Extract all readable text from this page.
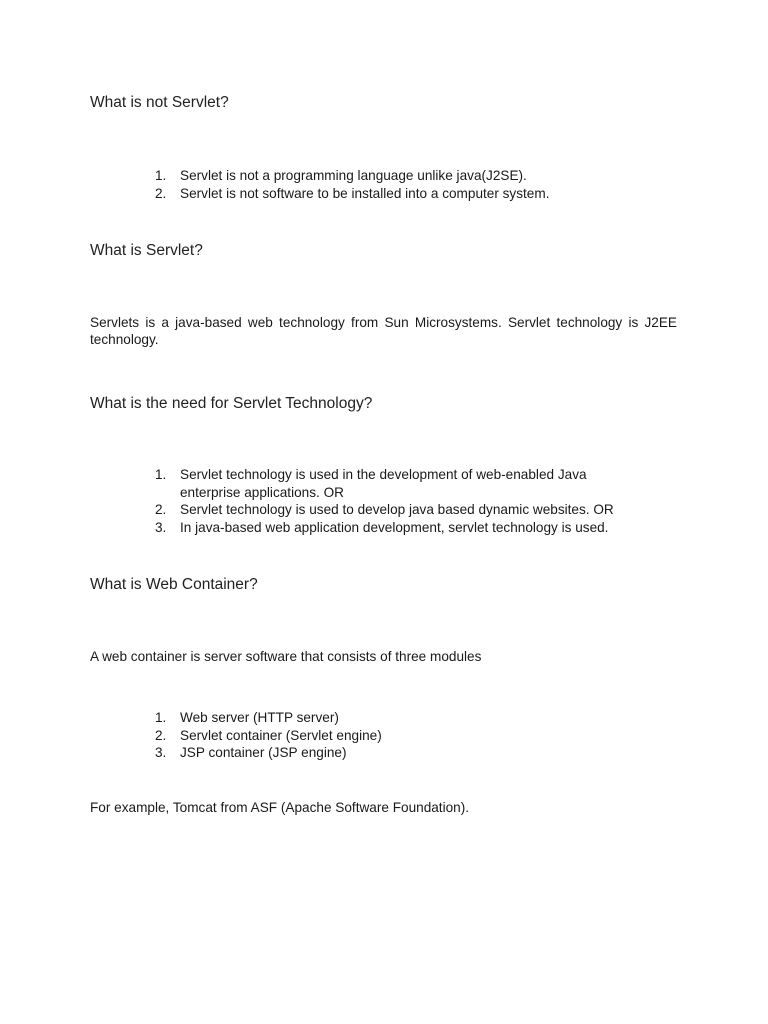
What is not Servlet?
1. Servlet is not a programming language unlike java(J2SE).
2. Servlet is not software to be installed into a computer system.
What is Servlet?

Servlets is a java-based web technology from Sun Microsystems. Servlet technology is J2EE technology.

What is the need for Servlet Technology?
1. Servlet technology is used in the development of web-enabled Java enterprise applications. OR
2. Servlet technology is used to develop java based dynamic websites. OR
3. In java-based web application development, servlet technology is used.
What is Web Container?

A web container is server software that consists of three modules

1. Web server (HTTP server)
2. Servlet container (Servlet engine)
3. JSP container (JSP engine)

For example, Tomcat from ASF (Apache Software Foundation).
